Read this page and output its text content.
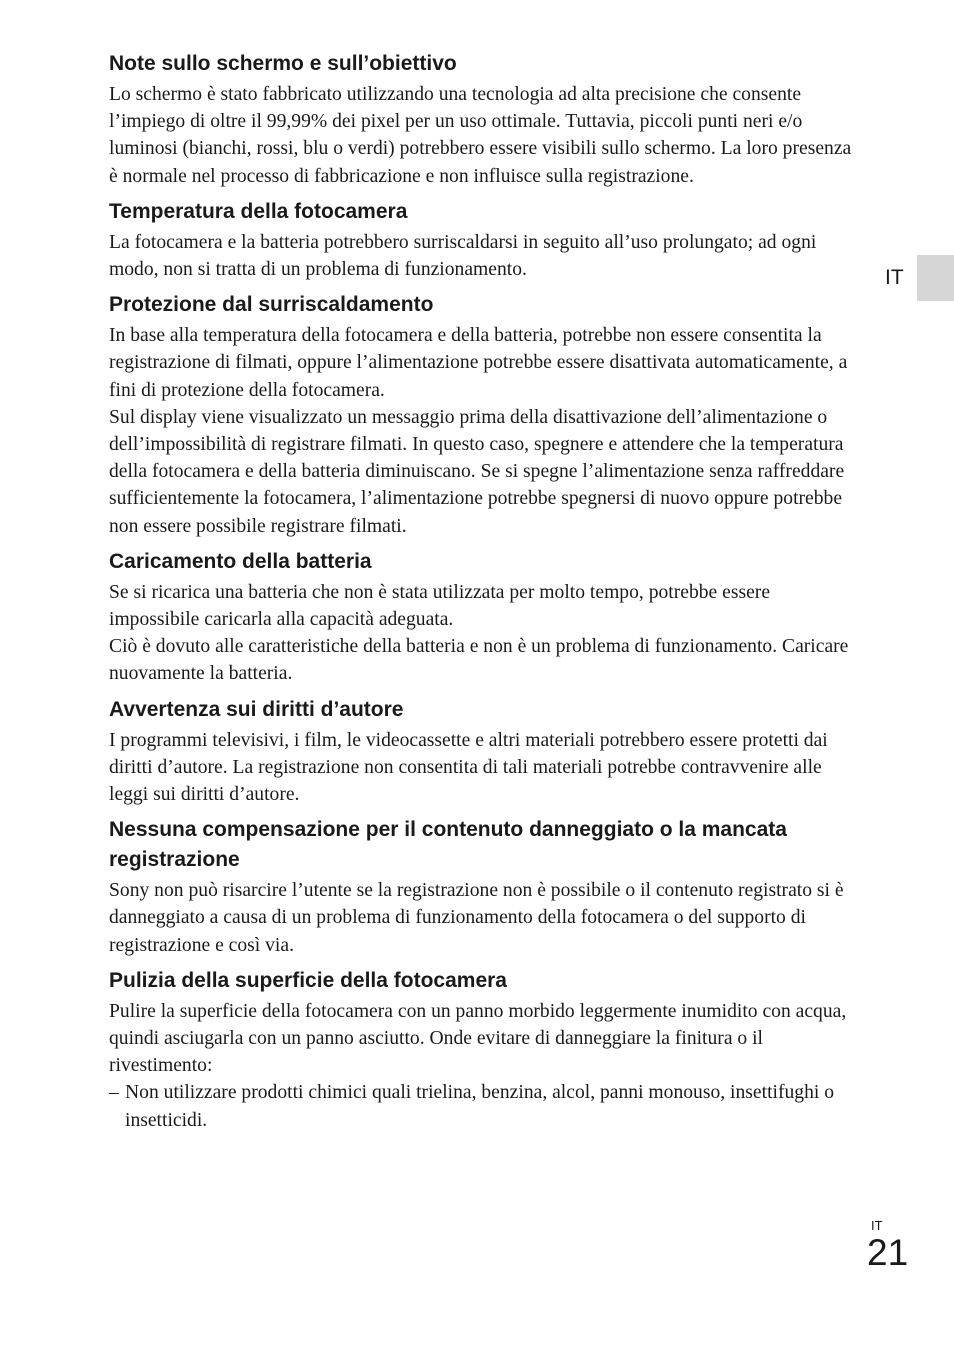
Note sullo schermo e sull’obiettivo

Lo schermo è stato fabbricato utilizzando una tecnologia ad alta precisione che consente l’impiego di oltre il 99,99% dei pixel per un uso ottimale. Tuttavia, piccoli punti neri e/o luminosi (bianchi, rossi, blu o verdi) potrebbero essere visibili sullo schermo. La loro presenza è normale nel processo di fabbricazione e non influisce sulla registrazione.

Temperatura della fotocamera

La fotocamera e la batteria potrebbero surriscaldarsi in seguito all’uso prolungato; ad ogni modo, non si tratta di un problema di funzionamento.

Protezione dal surriscaldamento

In base alla temperatura della fotocamera e della batteria, potrebbe non essere consentita la registrazione di filmati, oppure l’alimentazione potrebbe essere disattivata automaticamente, a fini di protezione della fotocamera.

Sul display viene visualizzato un messaggio prima della disattivazione dell’alimentazione o dell’impossibilità di registrare filmati. In questo caso, spegnere e attendere che la temperatura della fotocamera e della batteria diminuiscano. Se si spegne l’alimentazione senza raffreddare sufficientemente la fotocamera, l’alimentazione potrebbe spegnersi di nuovo oppure potrebbe non essere possibile registrare filmati.

Caricamento della batteria

Se si ricarica una batteria che non è stata utilizzata per molto tempo, potrebbe essere impossibile caricarla alla capacità adeguata.

Ciò è dovuto alle caratteristiche della batteria e non è un problema di funzionamento. Caricare nuovamente la batteria.

Avvertenza sui diritti d’autore

I programmi televisivi, i film, le videocassette e altri materiali potrebbero essere protetti dai diritti d’autore. La registrazione non consentita di tali materiali potrebbe contravvenire alle leggi sui diritti d’autore.

Nessuna compensazione per il contenuto danneggiato o la mancata registrazione

Sony non può risarcire l’utente se la registrazione non è possibile o il contenuto registrato si è danneggiato a causa di un problema di funzionamento della fotocamera o del supporto di registrazione e così via.

Pulizia della superficie della fotocamera

Pulire la superficie della fotocamera con un panno morbido leggermente inumidito con acqua, quindi asciugarla con un panno asciutto. Onde evitare di danneggiare la finitura o il rivestimento:

– Non utilizzare prodotti chimici quali trielina, benzina, alcol, panni monouso, insettifughi o insetticidi.
IT
IT
21
